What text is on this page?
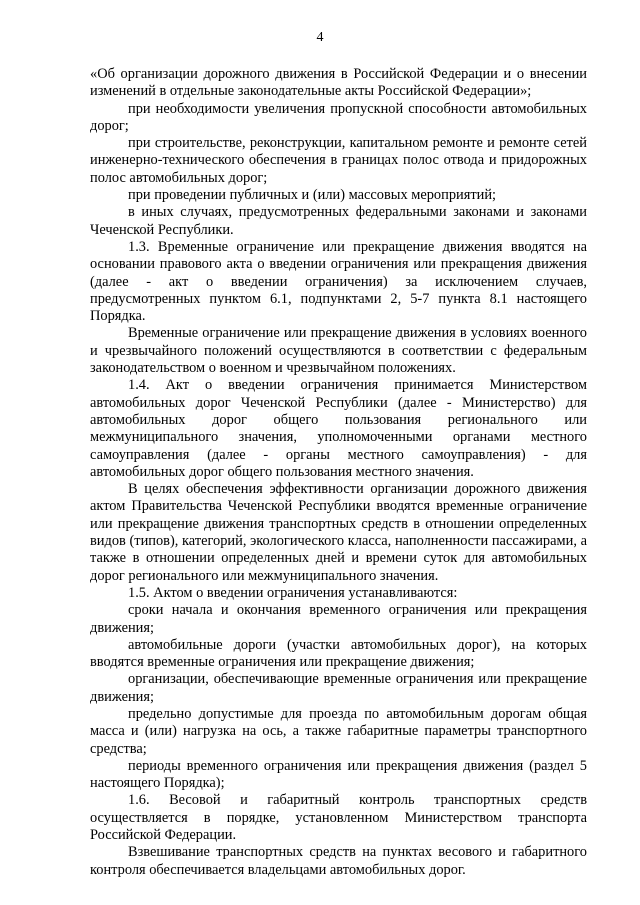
4

«Об организации дорожного движения в Российской Федерации и о внесении изменений в отдельные законодательные акты Российской Федерации»;

при необходимости увеличения пропускной способности автомобильных дорог;

при строительстве, реконструкции, капитальном ремонте и ремонте сетей инженерно-технического обеспечения в границах полос отвода и придорожных полос автомобильных дорог;

при проведении публичных и (или) массовых мероприятий;

в иных случаях, предусмотренных федеральными законами и законами Чеченской Республики.

1.3. Временные ограничение или прекращение движения вводятся на основании правового акта о введении ограничения или прекращения движения (далее - акт о введении ограничения) за исключением случаев, предусмотренных пунктом 6.1, подпунктами 2, 5-7 пункта 8.1 настоящего Порядка.

Временные ограничение или прекращение движения в условиях военного и чрезвычайного положений осуществляются в соответствии с федеральным законодательством о военном и чрезвычайном положениях.

1.4. Акт о введении ограничения принимается Министерством автомобильных дорог Чеченской Республики (далее - Министерство) для автомобильных дорог общего пользования регионального или межмуниципального значения, уполномоченными органами местного самоуправления (далее - органы местного самоуправления) - для автомобильных дорог общего пользования местного значения.

В целях обеспечения эффективности организации дорожного движения актом Правительства Чеченской Республики вводятся временные ограничение или прекращение движения транспортных средств в отношении определенных видов (типов), категорий, экологического класса, наполненности пассажирами, а также в отношении определенных дней и времени суток для автомобильных дорог регионального или межмуниципального значения.

1.5. Актом о введении ограничения устанавливаются:

сроки начала и окончания временного ограничения или прекращения движения;

автомобильные дороги (участки автомобильных дорог), на которых вводятся временные ограничения или прекращение движения;

организации, обеспечивающие временные ограничения или прекращение движения;

предельно допустимые для проезда по автомобильным дорогам общая масса и (или) нагрузка на ось, а также габаритные параметры транспортного средства;

периоды временного ограничения или прекращения движения (раздел 5 настоящего Порядка);

1.6. Весовой и габаритный контроль транспортных средств осуществляется в порядке, установленном Министерством транспорта Российской Федерации.

Взвешивание транспортных средств на пунктах весового и габаритного контроля обеспечивается владельцами автомобильных дорог.
